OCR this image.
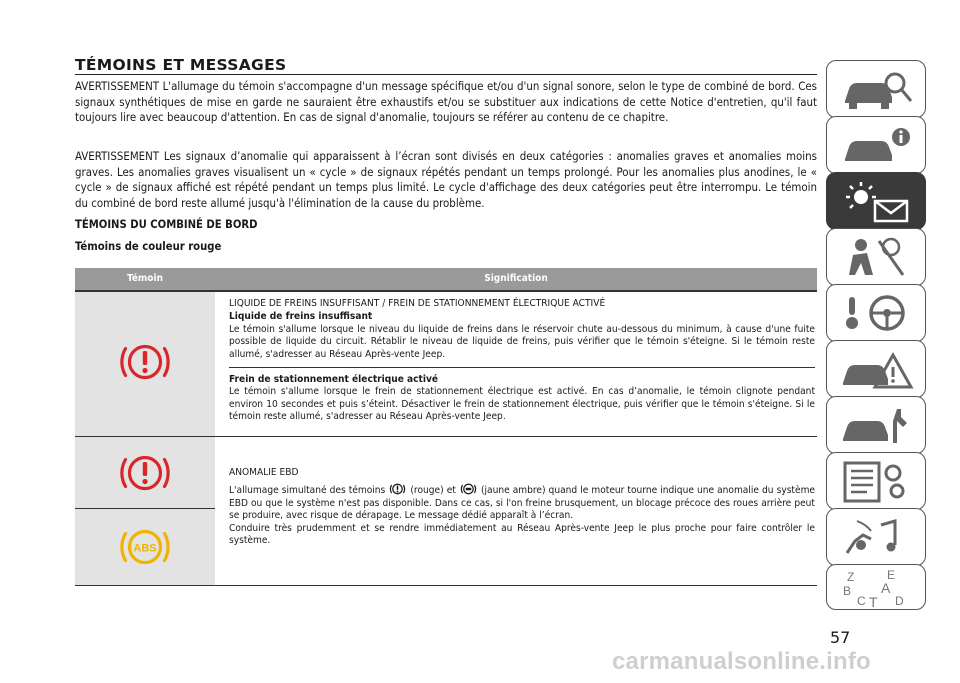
TÉMOINS ET MESSAGES

AVERTISSEMENT L'allumage du témoin s'accompagne d'un message spécifique et/ou d'un signal sonore, selon le type de combiné de bord. Ces signaux synthétiques de mise en garde ne sauraient être exhaustifs et/ou se substituer aux indications de cette Notice d'entretien, qu'il faut toujours lire avec beaucoup d'attention. En cas de signal d'anomalie, toujours se référer au contenu de ce chapitre.

AVERTISSEMENT Les signaux d’anomalie qui apparaissent à l’écran sont divisés en deux catégories : anomalies graves et anomalies moins graves. Les anomalies graves visualisent un « cycle » de signaux répétés pendant un temps prolongé. Pour les anomalies plus anodines, le « cycle » de signaux affiché est répété pendant un temps plus limité. Le cycle d'affichage des deux catégories peut être interrompu. Le témoin du combiné de bord reste allumé jusqu'à l'élimination de la cause du problème.

TÉMOINS DU COMBINÉ DE BORD
Témoins de couleur rouge
Témoin	Signification

LIQUIDE DE FREINS INSUFFISANT / FREIN DE STATIONNEMENT ÉLECTRIQUE ACTIVÉ
Liquide de freins insuffisant
Le témoin s'allume lorsque le niveau du liquide de freins dans le réservoir chute au-dessous du minimum, à cause d'une fuite possible de liquide du circuit. Rétablir le niveau de liquide de freins, puis vérifier que le témoin s'éteigne. Si le témoin reste allumé, s'adresser au Réseau Après-vente Jeep.
Frein de stationnement électrique activé
Le témoin s'allume lorsque le frein de stationnement électrique est activé. En cas d’anomalie, le témoin clignote pendant environ 10 secondes et puis s’éteint. Désactiver le frein de stationnement électrique, puis vérifier que le témoin s'éteigne. Si le témoin reste allumé, s'adresser au Réseau Après-vente Jeep.

ABS	ANOMALIE EBD
L'allumage simultané des témoins (rouge) et (jaune ambre) quand le moteur tourne indique une anomalie du système EBD ou que le système n'est pas disponible. Dans ce cas, si l'on freine brusquement, un blocage précoce des roues arrière peut se produire, avec risque de dérapage. Le message dédié apparaît à l’écran.
Conduire très prudemment et se rendre immédiatement au Réseau Après-vente Jeep le plus proche pour faire contrôler le système.
Z	E
B A
C T D
57
carmanualsonline.info
